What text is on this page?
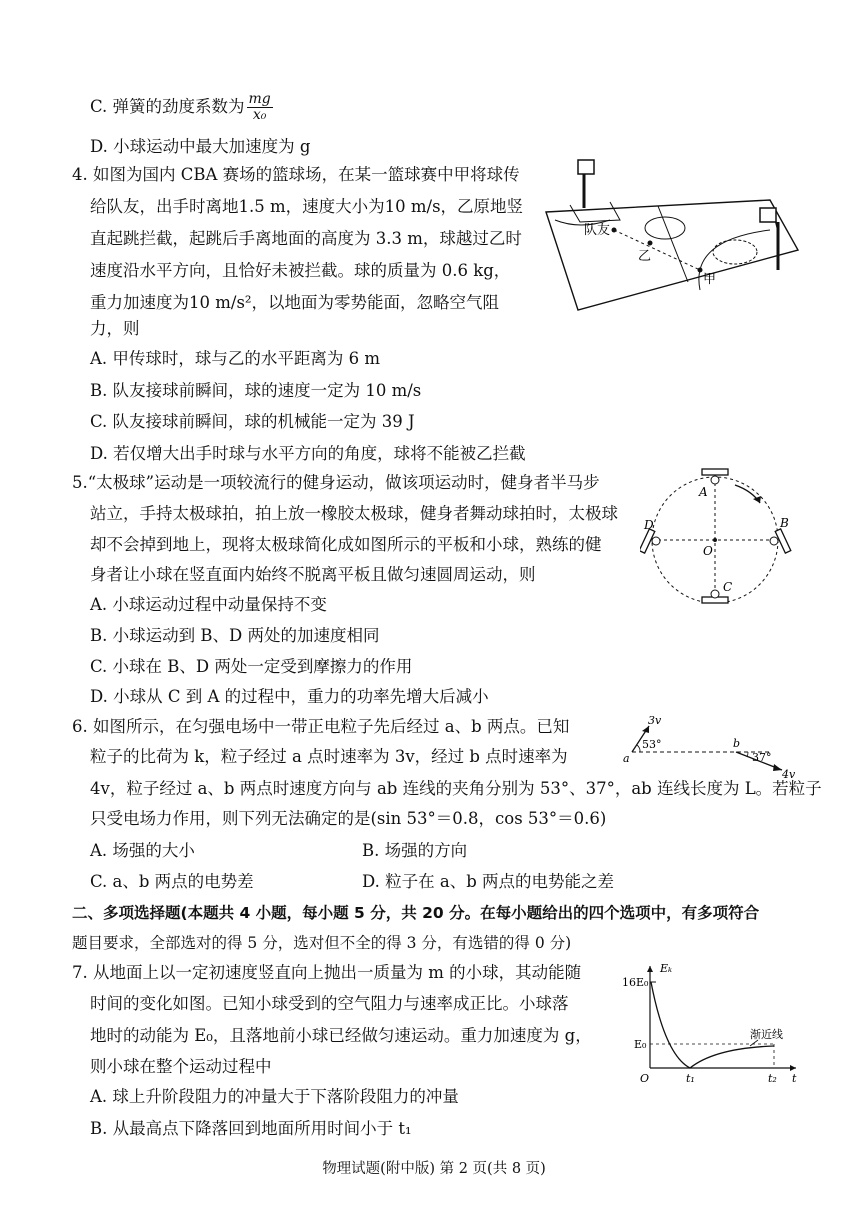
C. 弹簧的劲度系数为 $\frac{mg}{\text{x₀}}$
D. 小球运动中最大加速度为 g
4. 如图为国内 CBA 赛场的篮球场，在某一篮球赛中甲将球传
给队友，出手时离地1.5 m，速度大小为10 m/s，乙原地竖
直起跳拦截，起跳后手离地面的高度为 3.3 m，球越过乙时
速度沿水平方向，且恰好未被拦截。球的质量为 0.6 kg，
重力加速度为10 m/s²，以地面为零势能面，忽略空气阻
力，则
A. 甲传球时，球与乙的水平距离为 6 m
B. 队友接球前瞬间，球的速度一定为 10 m/s
C. 队友接球前瞬间，球的机械能一定为 39 J
D. 若仅增大出手时球与水平方向的角度，球将不能被乙拦截
队友
乙
甲
5.“太极球”运动是一项较流行的健身运动，做该项运动时，健身者半马步
站立，手持太极球拍，拍上放一橡胶太极球，健身者舞动球拍时，太极球
却不会掉到地上，现将太极球简化成如图所示的平板和小球，熟练的健
身者让小球在竖直面内始终不脱离平板且做匀速圆周运动，则
A. 小球运动过程中动量保持不变
B. 小球运动到 B、D 两处的加速度相同
C. 小球在 B、D 两处一定受到摩擦力的作用
D. 小球从 C 到 A 的过程中，重力的功率先增大后减小
A
B
C
D
O
6. 如图所示，在匀强电场中一带正电粒子先后经过 a、b 两点。已知
粒子的比荷为 k，粒子经过 a 点时速率为 3v，经过 b 点时速率为
4v，粒子经过 a、b 两点时速度方向与 ab 连线的夹角分别为 53°、37°，ab 连线长度为 L。若粒子
只受电场力作用，则下列无法确定的是(sin 53°＝0.8，cos 53°＝0.6)
A. 场强的大小	B. 场强的方向
C. a、b 两点的电势差	D. 粒子在 a、b 两点的电势能之差
3v
53°
a
b
37°
4v
二、多项选择题(本题共 4 小题，每小题 5 分，共 20 分。在每小题给出的四个选项中，有多项符合
题目要求，全部选对的得 5 分，选对但不全的得 3 分，有选错的得 0 分)
7. 从地面上以一定初速度竖直向上抛出一质量为 m 的小球，其动能随
时间的变化如图。已知小球受到的空气阻力与速率成正比。小球落
地时的动能为 E₀，且落地前小球已经做匀速运动。重力加速度为 g，
则小球在整个运动过程中
A. 球上升阶段阻力的冲量大于下落阶段阻力的冲量
B. 从最高点下降落回到地面所用时间小于 t₁
Eₖ
t
16E₀
E₀
O	t₁	t₂
渐近线
物理试题(附中版) 第 2 页(共 8 页)
